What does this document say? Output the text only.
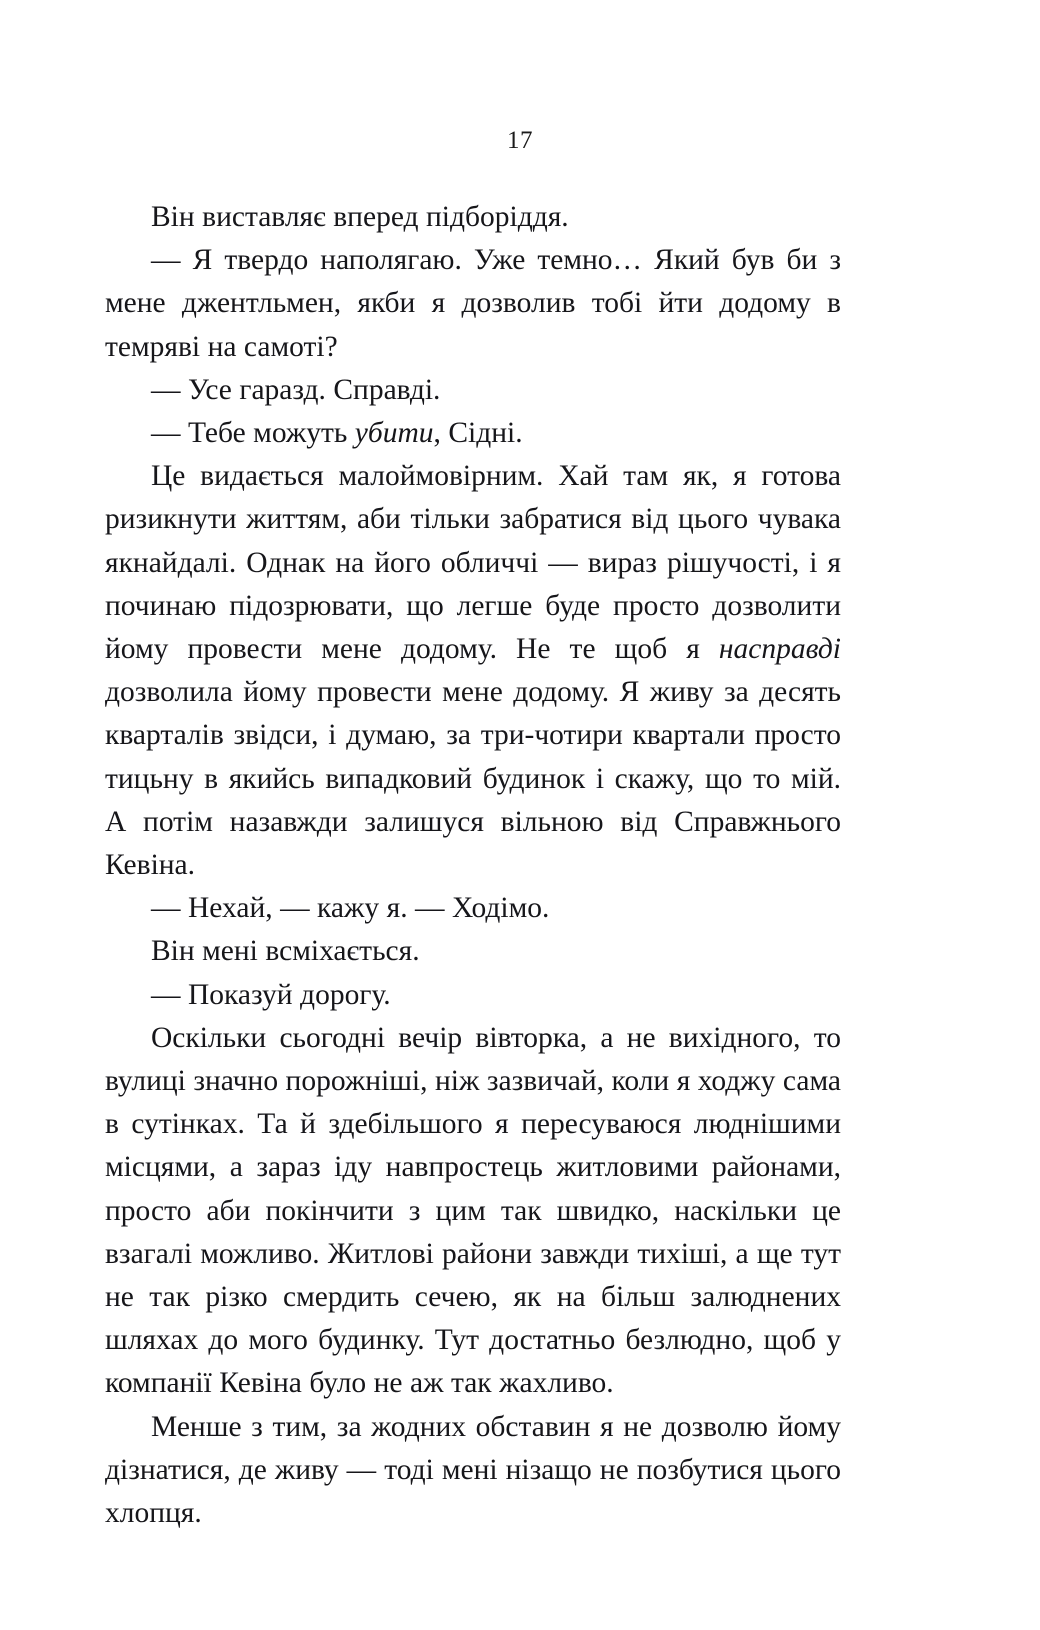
17

Він виставляє вперед підборіддя.

— Я твердо наполягаю. Уже темно… Який був би з мене джентльмен, якби я дозволив тобі йти додому в темряві на самоті?

— Усе гаразд. Справді.

— Тебе можуть убити, Сідні.

Це видається малоймовірним. Хай там як, я готова ризикнути життям, аби тільки забратися від цього чувака якнайдалі. Однак на його обличчі — вираз рішучості, і я починаю підозрювати, що легше буде просто дозволити йому провести мене додому. Не те щоб я насправді дозволила йому провести мене додому. Я живу за десять кварталів звідси, і думаю, за три-чотири квартали просто тицьну в якийсь випадковий будинок і скажу, що то мій. А потім назавжди залишуся вільною від Справжнього Кевіна.

— Нехай, — кажу я. — Ходімо.

Він мені всміхається.

— Показуй дорогу.

Оскільки сьогодні вечір вівторка, а не вихідного, то вулиці значно порожніші, ніж зазвичай, коли я ходжу сама в сутінках. Та й здебільшого я пересуваюся люднішими місцями, а зараз іду навпростець житловими районами, просто аби покінчити з цим так швидко, наскільки це взагалі можливо. Житлові райони завжди тихіші, а ще тут не так різко смердить сечею, як на більш залюднених шляхах до мого будинку. Тут достатньо безлюдно, щоб у компанії Кевіна було не аж так жахливо.

Менше з тим, за жодних обставин я не дозволю йому дізнатися, де живу — тоді мені нізащо не позбутися цього хлопця.
